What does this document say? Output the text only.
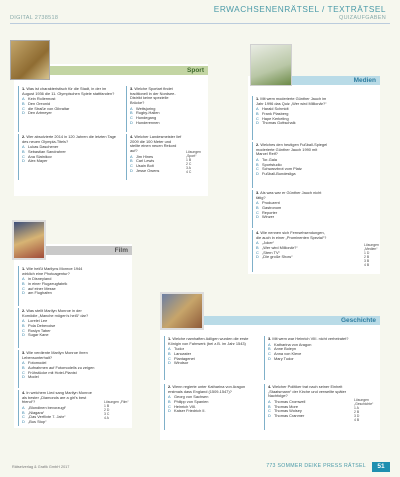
ERWACHSENENRÄTSEL / TEXTRÄTSEL
DIGITAL 2738518	QUIZAUFGABEN
Sport
1. Was ist charakteristisch für die Stadt, in der im August 1936 die 11. Olympischen Spiele stattfanden?
A Kein Rollermost
B Den Oreonid
C die Straße von Gibraltar
D Den Artmeyer
2. Wer absolvierte 2014 in 120 Jahren die letzten Tage des neuen Olympia-Titels?
A Lukas Daschener
B Sebastian Sandrahrer
C Ana Slatnikov
D Alex Mayer
3. Welche Sportart findet traditionell in der Nordsee-Distrikt keine spezielle Brücke?
A Wettsjoring
B Rugby-Hallen
C Hundegang
D Hunderennen
4. Welcher Landesmeister lief 2009 die 100 Meter und stellte einen neuen Rekord auf?
A Jim Hines
B Carl Lewis
C Usain Bolt
D Jesse Owens
Lösungen „Sport“
1 B
2 C
3 A
4 C
Medien
1. Mit wem moderierte Günther Jauch im Jahr 1996 das Quiz „Wer wird Millionär?“
A Harald Schmidt
B Frank Plasberg
C Hape Kerkeling
D Thomas Gottschalk
2. Welches den heutigen Fußball-Spiegel moderierte Günther Jauch 1990 mit Marcel Reif?
A Tor-Gala
B Sportstudio
C Schwarzbrot vom Platz
D Fußball-Bundesliga
3. Als was war er Günther Jauch nicht tätig?
A Produzent
B Gastronom
C Reporter
D Winzer
4. Wie nennen sich Fernsehsendungen, die auch in einer „Prominenten Spezial“?
A „Joker“
B „Wer wird Millionär?“
C „Stern TV“
D „Die große Show“
Lösungen „Medien“
1 D
2 B
3 B
4 B
Film
1. Wie heißt Marilyns Monroe 1944 wirklich eine Photoagentur?
A in Disneyland
B in einer Flugzeugfabrik
C auf einer Messe
D am Flughafen
2. Was stellt Marilyn Monroe in der Komödie „Manche mögen’s heiß“ dar?
A Lorelei Lee
B Pola Debevoise
C Roslyn Taber
D Sugar Kane
3. Wie verdiente Marilyn Monroe ihren Lebensunterhalt?
A Fotomodel
B Aufnahmen auf Fotomodells zu zeigen
C Frühstücke mit Hotel-Pianist
D Model
4. In welchem Lied sang Marilyn Monroe als bester „Diamonds are a girl’s best friend“?
A „Blondinen bevorzugt“
B „Niagara“
C „Das Verflixte 7. Jahr“
D „Bus Stop“
Lösungen „Film“
1 B
2 D
3 C
4 A
Geschichte
1. Welche namhaften Adligen wurden die erste Königin von Fahrwerk (bei z.B. im Jahr 1543)
A Tudor
B Lancaster
C Plantagenet
D Windsor
2. Wenn regierte unter Katharina von Aragon erstmals dass England (1509-1547)?
A Georg von Sachsen
B Philipp von Spanien
C Heinrich VIII.
D Kaiser Friedrich II.
3. Mit wem war Heinrich VIII. nicht verheiratet?
A Katharina von Aragon
B Anne Boleyn
C Anna von Kleve
D Mary Tudor
4. Welcher Politiker trat nach seiner Einheit „Staatsmann“ der Kirche und verweilte später Nachfolge?
A Thomas Cromwell
B Thomas More
C Thomas Wolsey
D Thomas Cranmer
Lösungen „Geschichte“
1 A
2 B
3 D
4 B
Rätselverlag & Grafik GmbH 2017	773 SOMMER DEIKE PRESS RÄTSEL	51
